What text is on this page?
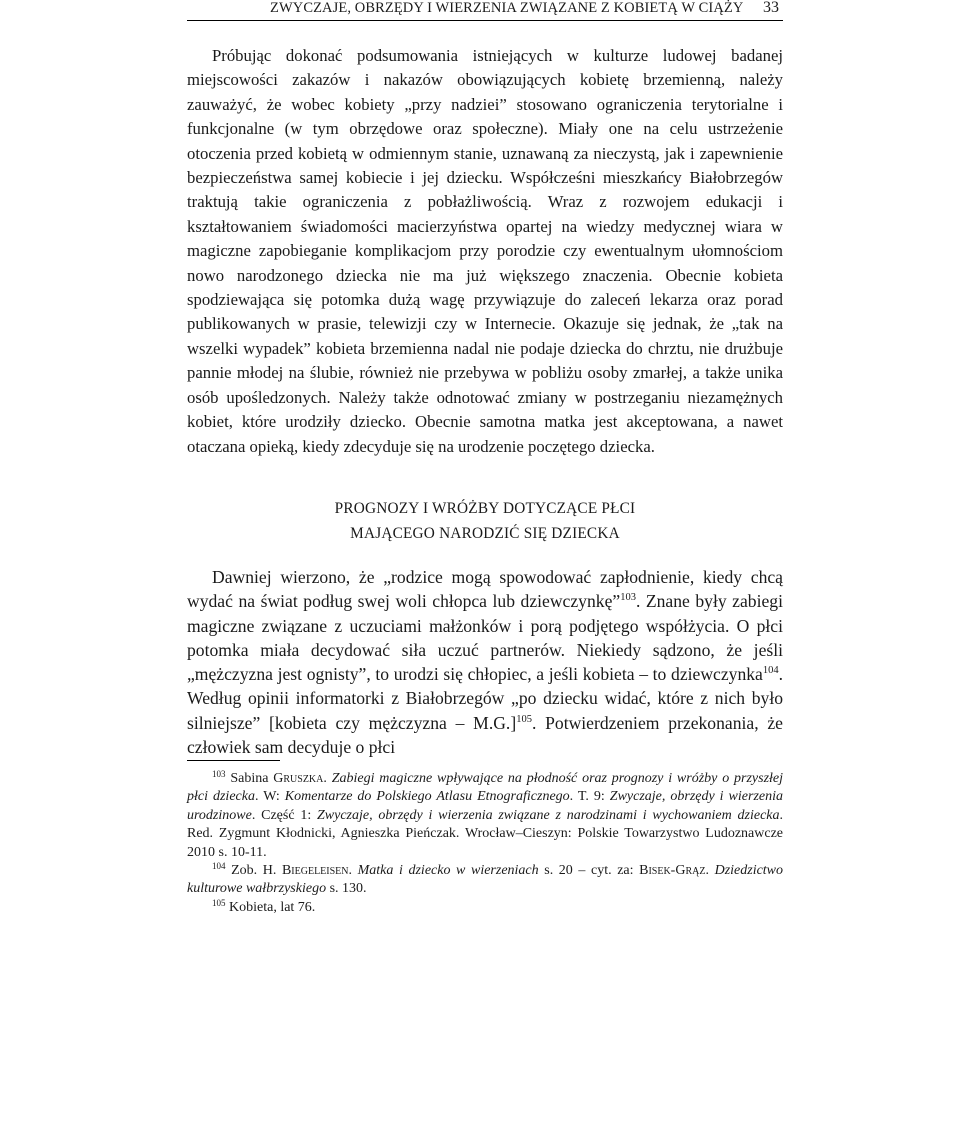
ZWYCZAJE, OBRZĘDY I WIERZENIA ZWIĄZANE Z KOBIETĄ W CIĄŻY 33

Próbując dokonać podsumowania istniejących w kulturze ludowej badanej miejscowości zakazów i nakazów obowiązujących kobietę brzemienną, należy zauważyć, że wobec kobiety „przy nadziei” stosowano ograniczenia terytorialne i funkcjonalne (w tym obrzędowe oraz społeczne). Miały one na celu ustrzeżenie otoczenia przed kobietą w odmiennym stanie, uznawaną za nieczystą, jak i zapewnienie bezpieczeństwa samej kobiecie i jej dziecku. Współcześni mieszkańcy Białobrzegów traktują takie ograniczenia z pobłażliwością. Wraz z rozwojem edukacji i kształtowaniem świadomości macierzyństwa opartej na wiedzy medycznej wiara w magiczne zapobieganie komplikacjom przy porodzie czy ewentualnym ułomnościom nowo narodzonego dziecka nie ma już większego znaczenia. Obecnie kobieta spodziewająca się potomka dużą wagę przywiązuje do zaleceń lekarza oraz porad publikowanych w prasie, telewizji czy w Internecie. Okazuje się jednak, że „tak na wszelki wypadek” kobieta brzemienna nadal nie podaje dziecka do chrztu, nie drużbuje pannie młodej na ślubie, również nie przebywa w pobliżu osoby zmarłej, a także unika osób upośledzonych. Należy także odnotować zmiany w postrzeganiu niezamężnych kobiet, które urodziły dziecko. Obecnie samotna matka jest akceptowana, a nawet otaczana opieką, kiedy zdecyduje się na urodzenie poczętego dziecka.

PROGNOZY I WRÓŻBY DOTYCZĄCE PŁCI
MAJĄCEGO NARODZIĆ SIĘ DZIECKA

Dawniej wierzono, że „rodzice mogą spowodować zapłodnienie, kiedy chcą wydać na świat podług swej woli chłopca lub dziewczynkę”$^{103}$. Znane były zabiegi magiczne związane z uczuciami małżonków i porą podjętego współżycia. O płci potomka miała decydować siła uczuć partnerów. Niekiedy sądzono, że jeśli „mężczyzna jest ognisty”, to urodzi się chłopiec, a jeśli kobieta – to dziewczynka$^{104}$. Według opinii informatorki z Białobrzegów „po dziecku widać, które z nich było silniejsze” [kobieta czy mężczyzna – M.G.]$^{105}$. Potwierdzeniem przekonania, że człowiek sam decyduje o płci

$^{103}$ Sabina Gruszka. Zabiegi magiczne wpływające na płodność oraz prognozy i wróżby o przyszłej płci dziecka. W: Komentarze do Polskiego Atlasu Etnograficznego. T. 9: Zwyczaje, obrzędy i wierzenia urodzinowe. Część 1: Zwyczaje, obrzędy i wierzenia związane z narodzinami i wychowaniem dziecka. Red. Zygmunt Kłodnicki, Agnieszka Pieńczak. Wrocław–Cieszyn: Polskie Towarzystwo Ludoznawcze 2010 s. 10-11.

$^{104}$ Zob. H. Biegeleisen. Matka i dziecko w wierzeniach s. 20 – cyt. za: Bisek-Grąz. Dziedzictwo kulturowe wałbrzyskiego s. 130.

$^{105}$ Kobieta, lat 76.
